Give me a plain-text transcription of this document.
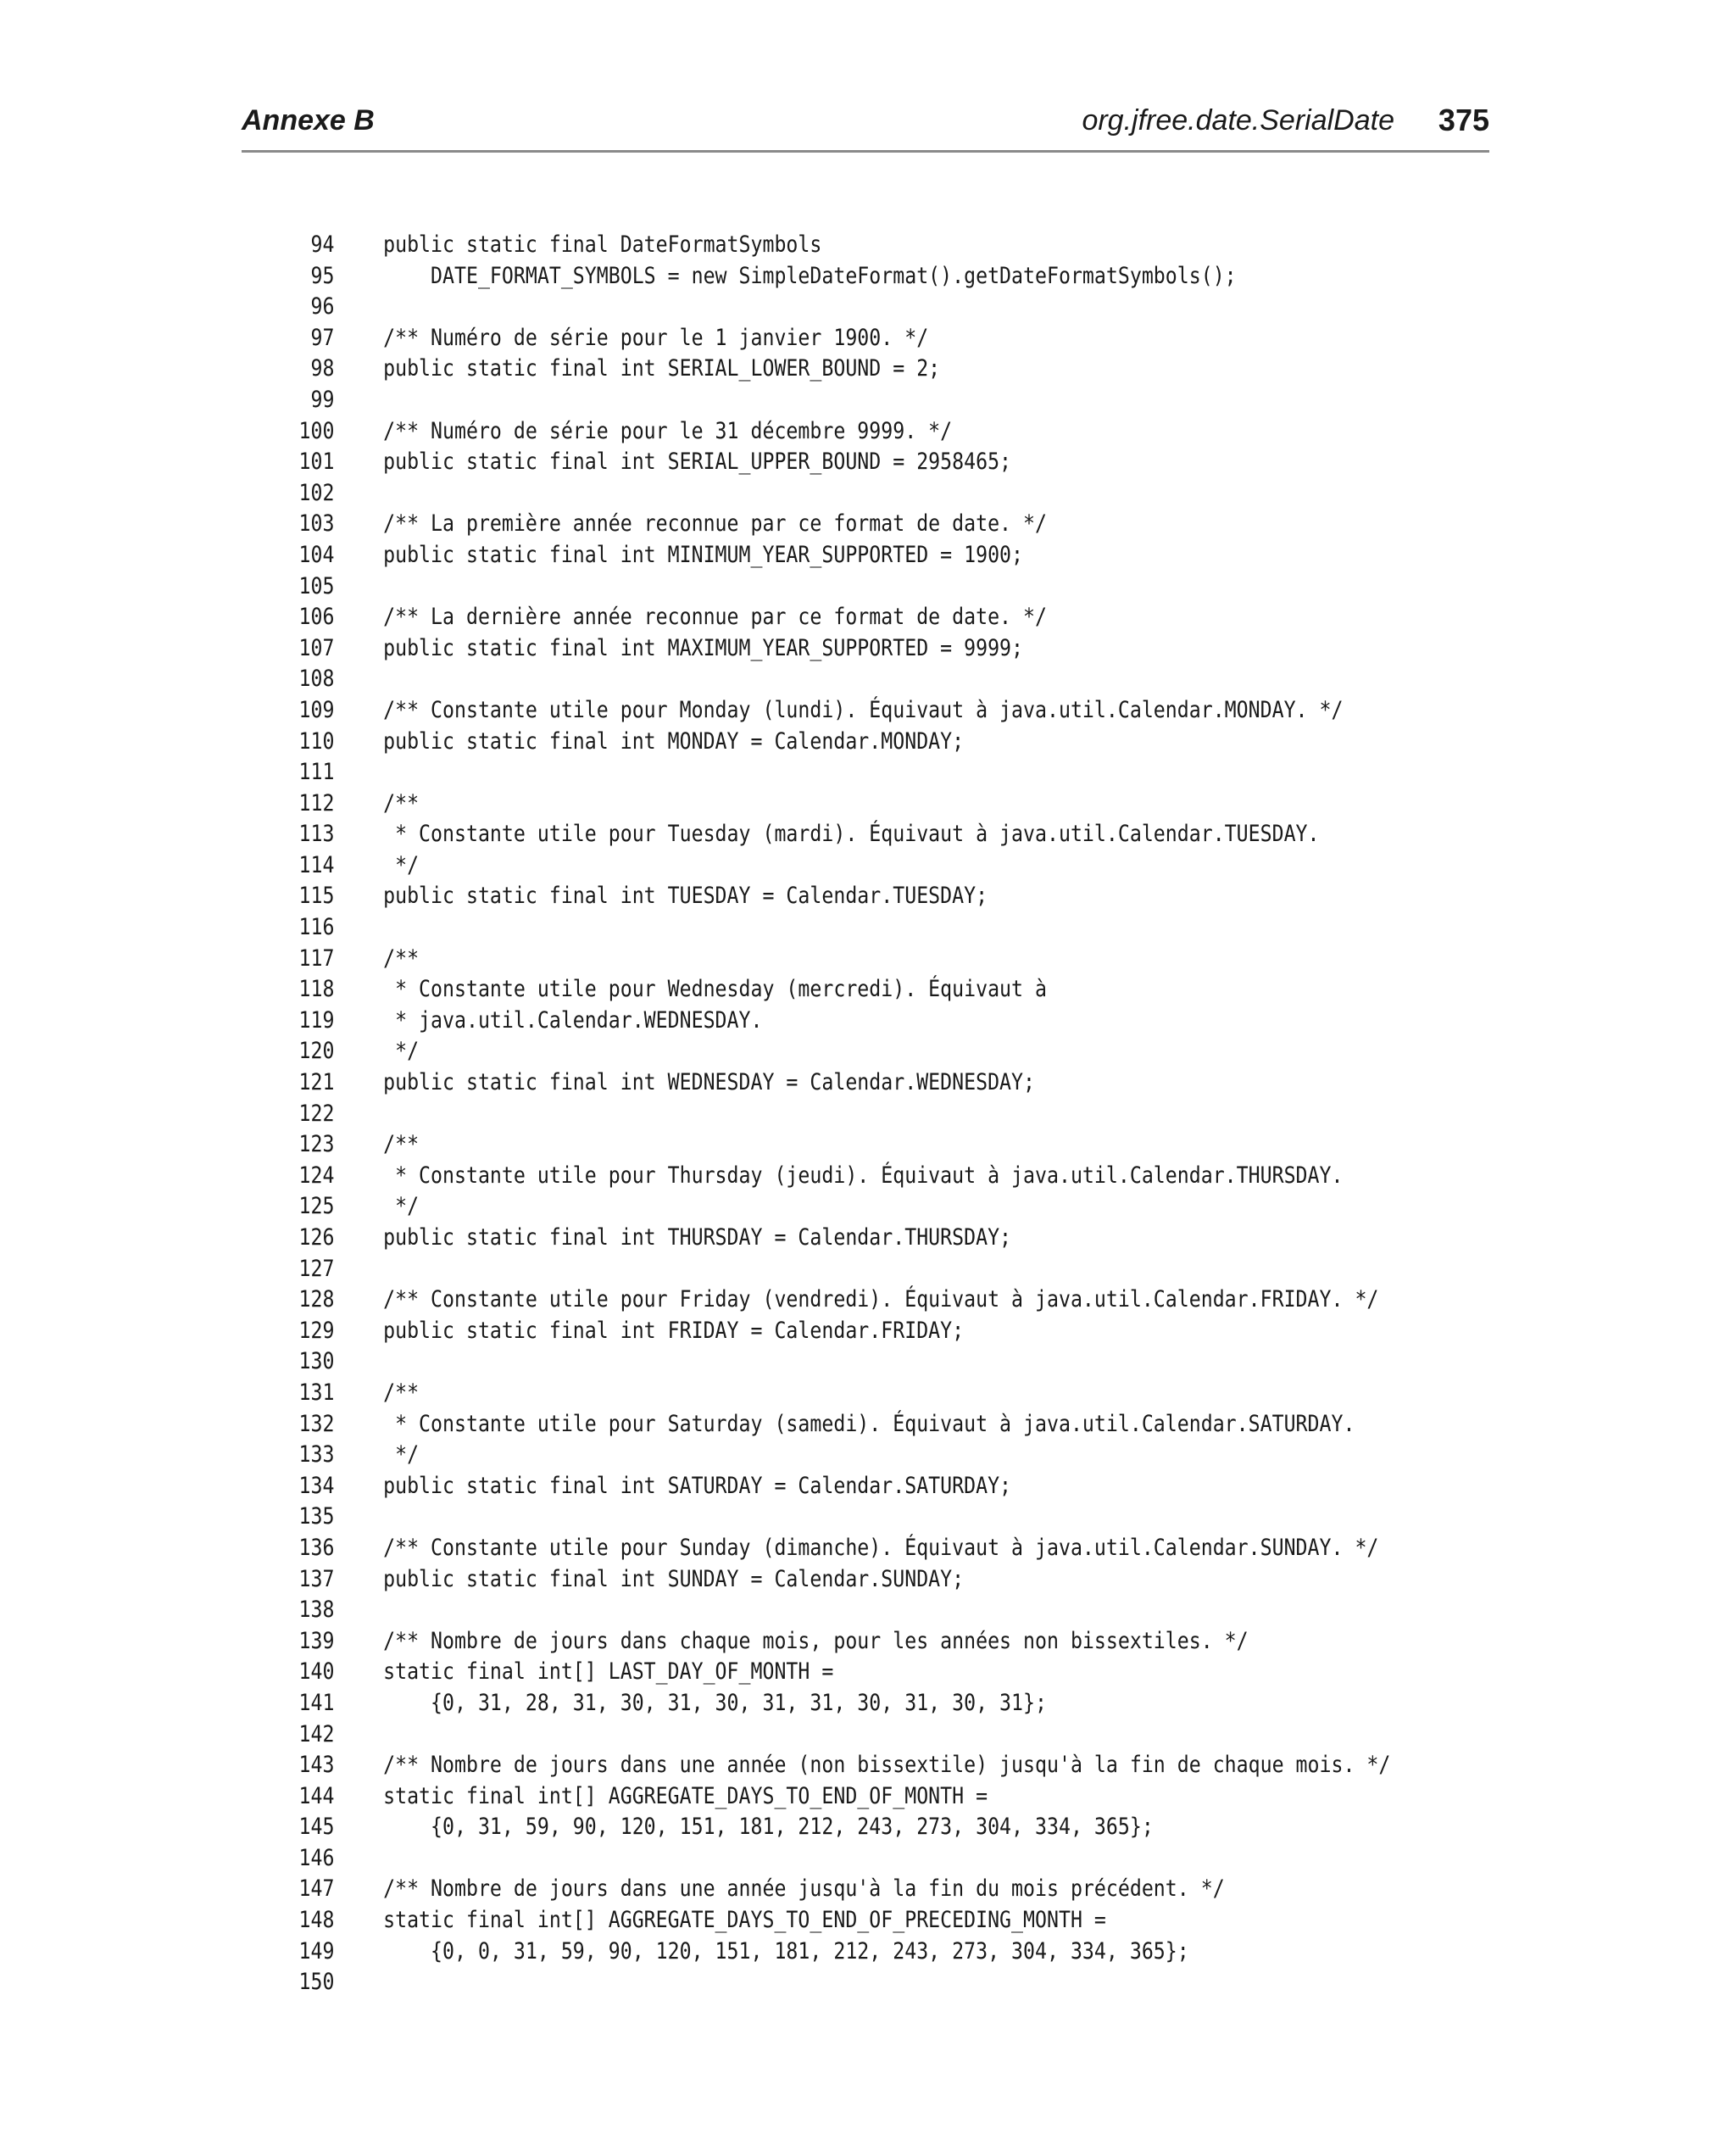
Annexe B	org.jfree.date.SerialDate 375
94	public static final DateFormatSymbols
95	DATE_FORMAT_SYMBOLS = new SimpleDateFormat().getDateFormatSymbols();
96
97	/** Numéro de série pour le 1 janvier 1900. */
98	public static final int SERIAL_LOWER_BOUND = 2;
99
100	/** Numéro de série pour le 31 décembre 9999. */
101	public static final int SERIAL_UPPER_BOUND = 2958465;
102
103	/** La première année reconnue par ce format de date. */
104	public static final int MINIMUM_YEAR_SUPPORTED = 1900;
105
106	/** La dernière année reconnue par ce format de date. */
107	public static final int MAXIMUM_YEAR_SUPPORTED = 9999;
108
109	/** Constante utile pour Monday (lundi). Équivaut à java.util.Calendar.MONDAY. */
110	public static final int MONDAY = Calendar.MONDAY;
111
112	/**
113	* Constante utile pour Tuesday (mardi). Équivaut à java.util.Calendar.TUESDAY.
114	*/
115	public static final int TUESDAY = Calendar.TUESDAY;
116
117	/**
118	* Constante utile pour Wednesday (mercredi). Équivaut à
119	* java.util.Calendar.WEDNESDAY.
120	*/
121	public static final int WEDNESDAY = Calendar.WEDNESDAY;
122
123	/**
124	* Constante utile pour Thursday (jeudi). Équivaut à java.util.Calendar.THURSDAY.
125	*/
126	public static final int THURSDAY = Calendar.THURSDAY;
127
128	/** Constante utile pour Friday (vendredi). Équivaut à java.util.Calendar.FRIDAY. */
129	public static final int FRIDAY = Calendar.FRIDAY;
130
131	/**
132	* Constante utile pour Saturday (samedi). Équivaut à java.util.Calendar.SATURDAY.
133	*/
134	public static final int SATURDAY = Calendar.SATURDAY;
135
136	/** Constante utile pour Sunday (dimanche). Équivaut à java.util.Calendar.SUNDAY. */
137	public static final int SUNDAY = Calendar.SUNDAY;
138
139	/** Nombre de jours dans chaque mois, pour les années non bissextiles. */
140	static final int[] LAST_DAY_OF_MONTH =
141	{0, 31, 28, 31, 30, 31, 30, 31, 31, 30, 31, 30, 31};
142
143	/** Nombre de jours dans une année (non bissextile) jusqu'à la fin de chaque mois. */
144	static final int[] AGGREGATE_DAYS_TO_END_OF_MONTH =
145	{0, 31, 59, 90, 120, 151, 181, 212, 243, 273, 304, 334, 365};
146
147	/** Nombre de jours dans une année jusqu'à la fin du mois précédent. */
148	static final int[] AGGREGATE_DAYS_TO_END_OF_PRECEDING_MONTH =
149	{0, 0, 31, 59, 90, 120, 151, 181, 212, 243, 273, 304, 334, 365};
150
